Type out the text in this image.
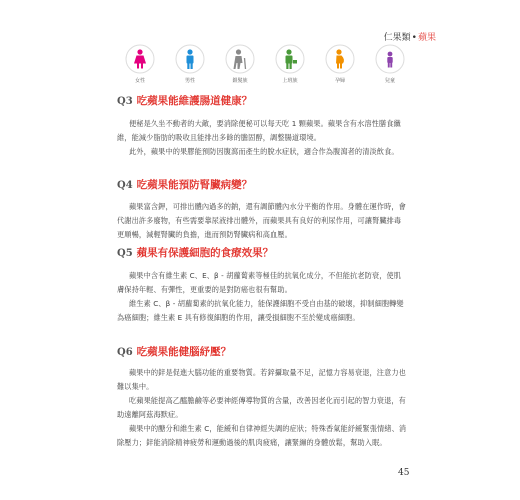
仁果類•蘋果
女性	男性	銀髮族	上班族	孕婦	兒童
Q3 吃蘋果能維護腸道健康？

便秘是久坐不動者的大敵，要消除便秘可以每天吃 1 顆蘋果。蘋果含有水溶性膳食纖維，能減少脂肪的吸收且能排出多餘的膽固醇，調整腸道環境。

此外，蘋果中的果膠能預防因腹瀉而產生的脫水症狀，適合作為腹瀉者的清淡飲食。

Q4 吃蘋果能預防腎臟病變？

蘋果富含鉀，可排出體內過多的鈉，還有調節體內水分平衡的作用。身體在運作時，會代謝出許多廢物，有些需要靠尿液排出體外，而蘋果具有良好的利尿作用，可讓腎臟排毒更順暢，減輕腎臟的負擔，進而預防腎臟病和高血壓。

Q5 蘋果有保護細胞的食療效果？

蘋果中含有維生素 C、E、β - 胡蘿蔔素等極佳的抗氧化成分，不但能抗老防衰，使肌膚保持年輕、有彈性，更重要的是對防癌也很有幫助。

維生素 C、β - 胡蘿蔔素的抗氧化能力，能保護細胞不受自由基的破壞，抑制細胞轉變為癌細胞；維生素 E 具有修復細胞的作用，讓受損細胞不至於變成癌細胞。

Q6 吃蘋果能健腦紓壓？

蘋果中的鋅是促進大腦功能的重要物質。若鋅攝取量不足，記憶力容易衰退，注意力也難以集中。

吃蘋果能提高乙醯膽鹼等必要神經傳導物質的含量，改善因老化而引起的智力衰退，有助遠離阿茲海默症。

蘋果中的醣分和維生素 C，能緩和自律神經失調的症狀；特殊香氣能紓緩緊張情緒、消除壓力；鋅能消除精神疲勞和運動過後的肌肉疲痛，讓緊繃的身體放鬆，幫助入眠。

45
